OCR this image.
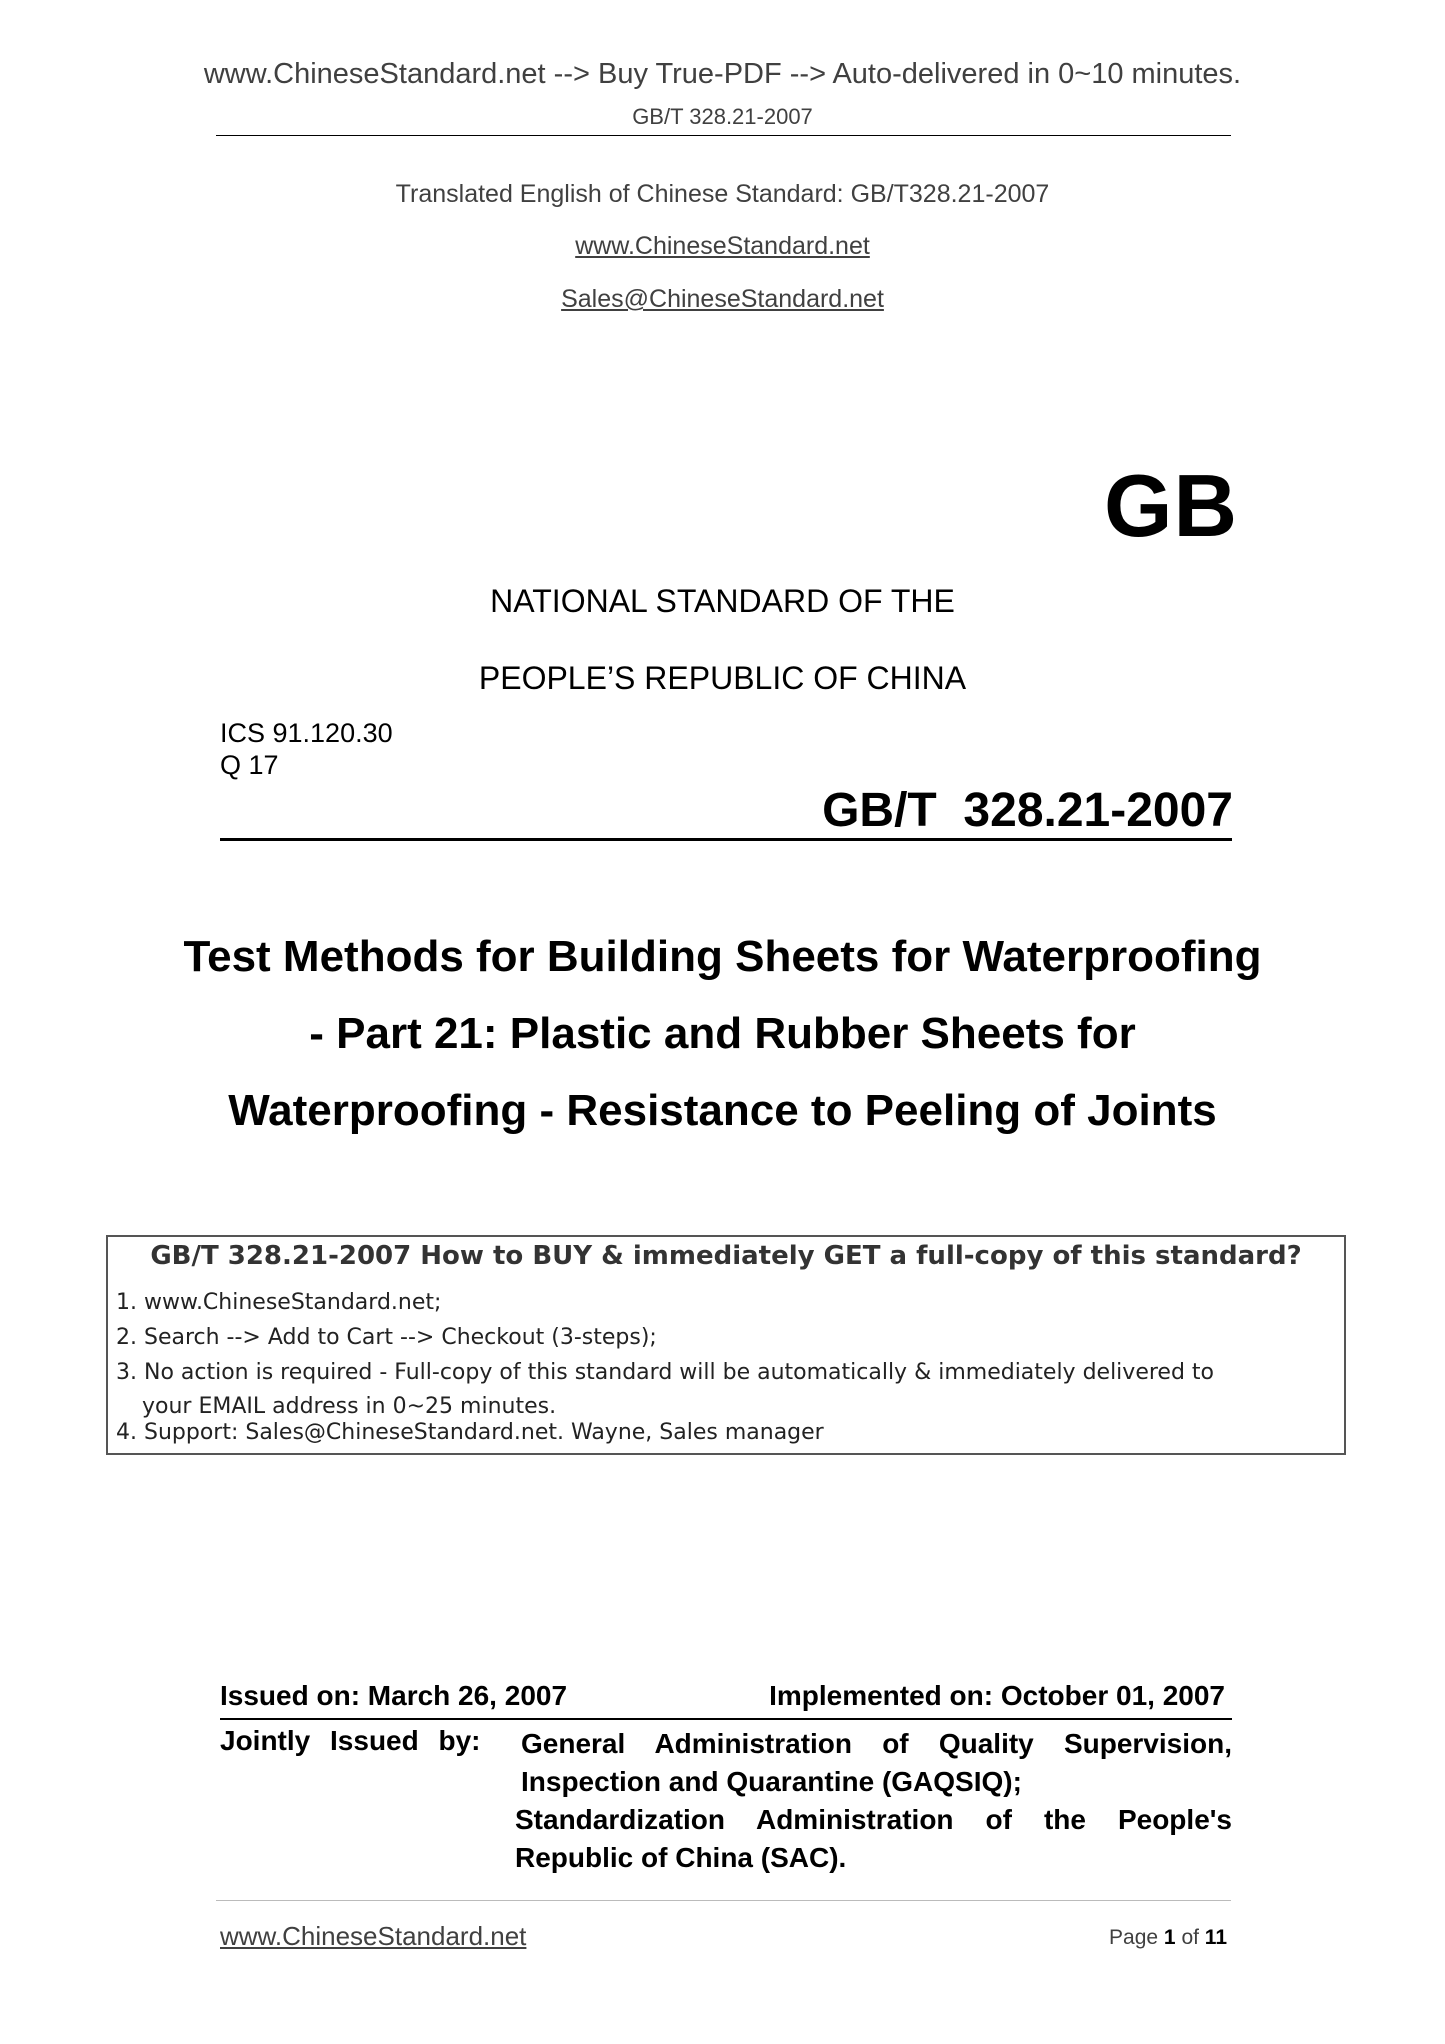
www.ChineseStandard.net --> Buy True-PDF --> Auto-delivered in 0~10 minutes.
GB/T 328.21-2007
Translated English of Chinese Standard: GB/T328.21-2007
www.ChineseStandard.net
Sales@ChineseStandard.net
GB
NATIONAL STANDARD OF THE
PEOPLE’S REPUBLIC OF CHINA
ICS 91.120.30
Q 17
GB/T  328.21-2007
Test Methods for Building Sheets for Waterproofing - Part 21: Plastic and Rubber Sheets for Waterproofing - Resistance to Peeling of Joints
GB/T 328.21-2007 How to BUY & immediately GET a full-copy of this standard?
1. www.ChineseStandard.net;
2. Search --> Add to Cart --> Checkout (3-steps);
3. No action is required - Full-copy of this standard will be automatically & immediately delivered to
your EMAIL address in 0~25 minutes.
4. Support: Sales@ChineseStandard.net. Wayne, Sales manager
Issued on: March 26, 2007	Implemented on: October 01, 2007
Jointly Issued by: General Administration of Quality Supervision,
Inspection and Quarantine (GAQSIQ);
Standardization Administration of the People's
Republic of China (SAC).
www.ChineseStandard.net	Page 1 of 11
